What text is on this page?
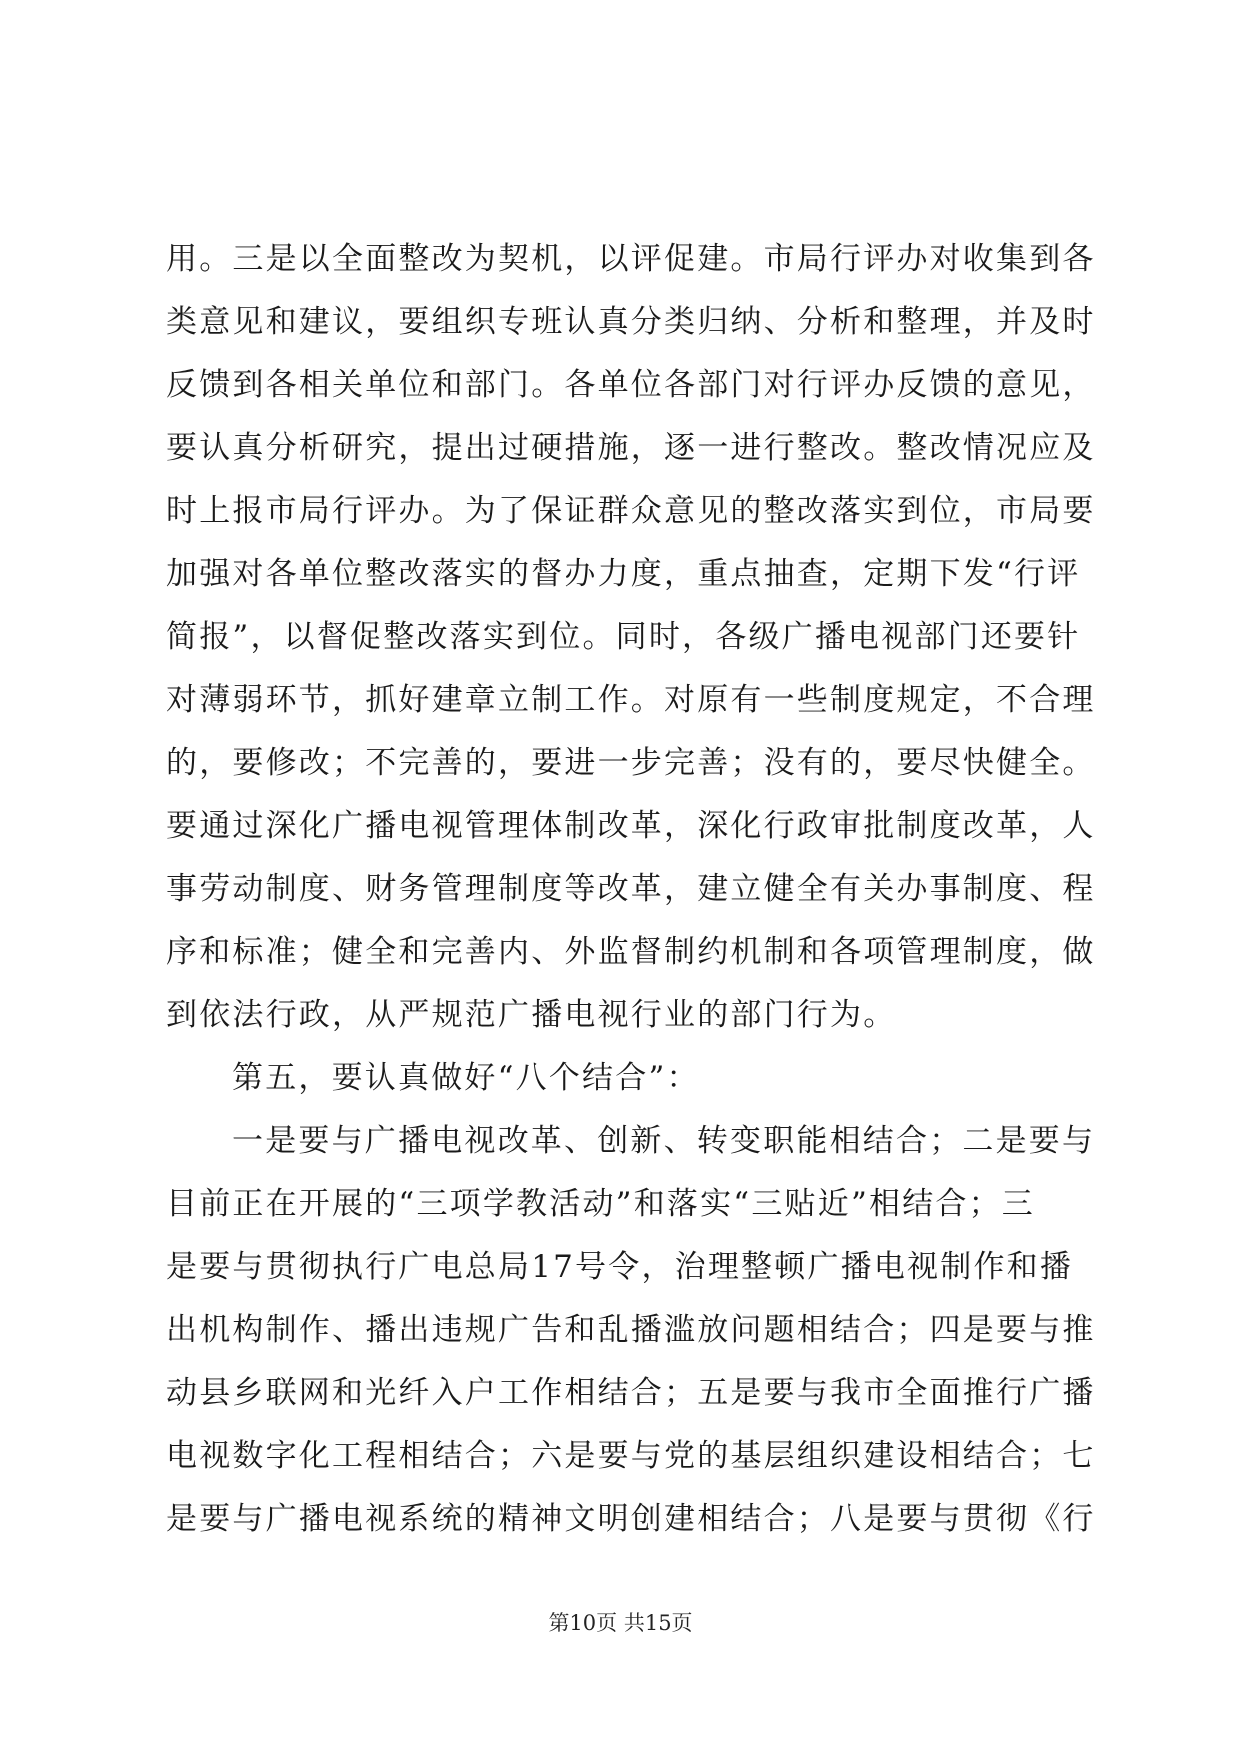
用。三是以全面整改为契机，以评促建。市局行评办对收集到各
类意见和建议，要组织专班认真分类归纳、分析和整理，并及时
反馈到各相关单位和部门。各单位各部门对行评办反馈的意见，
要认真分析研究，提出过硬措施，逐一进行整改。整改情况应及
时上报市局行评办。为了保证群众意见的整改落实到位，市局要
加强对各单位整改落实的督办力度，重点抽查，定期下发“行评
简报”，以督促整改落实到位。同时，各级广播电视部门还要针
对薄弱环节，抓好建章立制工作。对原有一些制度规定，不合理
的，要修改；不完善的，要进一步完善；没有的，要尽快健全。
要通过深化广播电视管理体制改革，深化行政审批制度改革，人
事劳动制度、财务管理制度等改革，建立健全有关办事制度、程
序和标准；健全和完善内、外监督制约机制和各项管理制度，做
到依法行政，从严规范广播电视行业的部门行为。
第五，要认真做好“八个结合”：
一是要与广播电视改革、创新、转变职能相结合；二是要与
目前正在开展的“三项学教活动”和落实“三贴近”相结合；三
是要与贯彻执行广电总局17号令，治理整顿广播电视制作和播
出机构制作、播出违规广告和乱播滥放问题相结合；四是要与推
动县乡联网和光纤入户工作相结合；五是要与我市全面推行广播
电视数字化工程相结合；六是要与党的基层组织建设相结合；七
是要与广播电视系统的精神文明创建相结合；八是要与贯彻《行
第10页 共15页
